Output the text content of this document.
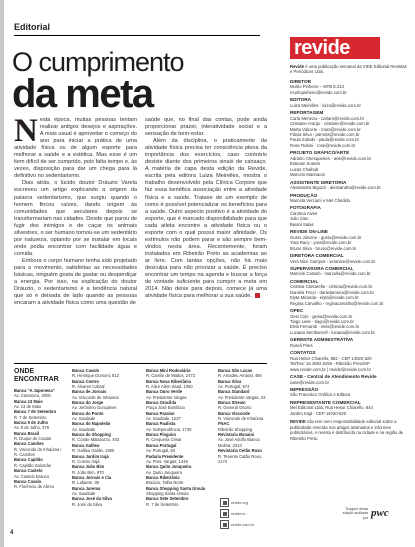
Editorial
O cumprimento
da meta
N esta época, muitas pessoas tentam realizar antigos desejos e aspirações. A mais usual é aproveitar o começo do ano para iniciar a prática de uma atividade física ou de algum esporte para melhorar a saúde e a estética. Mas esse é um item difícil de ser cumprido, pois falta tempo e, às vezes, disposição para dar um chega para lá definitivo no sedentarismo.

Dias atrás, o lúcido doutor Dráuzio Varela escreveu um artigo explicando a origem da palavra sedentarismo, que surgiu quando o homem fincou raízes, dando origem às comunidades que seculares depois se transformariam nas cidades. Desde que parou de fugir dos inimigos e de caçar os animais silvestres, o ser humano tornou-se um sedentário por natureza, optando por se instalar em locais onde podia encontrar com facilidade água e comida.

Embora o corpo humano tenha sido projetado para o movimento, satisfeitas as necessidades básicas, ninguém gosta de gastar ou desperdiçar a energia. Por isso, na explicação do doutor Dráuzio, o sedentarismo é a tendência natural que só é deixada de lado quando as pessoas encaram a atividade física como uma questão de

saúde que, no final das contas, pode ainda proporcionar prazer, interatividade social e a sensação de bem-estar.

Além da disciplina, o praticamente da atividade física precisa ter consciência plena da importância dos exercícios, caso contrário desiste diante dos primeiros sinais de cansaço. A matéria de capa desta edição da Revide, escrita pela editora Luiza Meirelles, mostra o trabalho desenvolvido pela Clínica Corpore que faz essa benéfica associação entre a atividade física e a saúde. Tratase de um exemplo de como é possível potencializar os benefícios para a saúde. Outro aspecto positivo é a atividade do esporte, que é marcado disponibilidade para que cada atleta encontre a atividade física ou o esporte com o qual possui maior afinidade. Os estímulos não podem parar e são sempre bem-vindos nesta área. Recentemente, foram instalados em Ribeirão Preto as academias ao ar livre. Com tantas opções, não há mais desculpa para não priorizar a saúde. É preciso encontrar um tempo na agenda e buscar a força de vontade suficiente para cumprir a meta em 2014. Não deixe para depois, comece já uma atividade física para melhorar a sua saúde.

ONDE ENCONTRAR
Banca "A Japonesa"
Av. Caramuru, 2000
Banca 13 Maio
Av. 13 de Maio
Banca 7 de Setembro
R. 7 de Setembro
Banca 9 de Julho
Av. 9 de Julho, 378
Banca Brasil
R. Duque de Caxias
Banca Camões
R. Visconde de Inhaúma / R. Camões
Banca Capitão
R. Capitão Salomão
Banca Castelo
Av. Castelo Branco
Banca Cavalo
R. Florêncio de Abreu
Banca Cavalo
R. Henrique Dumont, 812
Banca Centro
R. Álvares Cabral
Banca de Jornais
Av. Visconde de Inhaúma
Banca do Jorge
Av. Jerônimo Gonçalves
Banca do Ponto
Av. Saudade
Banca do Napoleão
Av. Saudade
Banca do Shopping
R. Conde Matarazzo, 403
Banca Galileu
R. Galileu Galilei, 1905
Banca Jardim Irajá
R. Cosmo Irajá
Banca João Bim
R. João Bim, 970
Banca Jornais e Cia
R. Lafaiete, 39
Banca Jurema
Av. Saudade
Banca José da Silva
R. José da Silva
Banca Mini Rodoviária
R. Camilo de Mattos, 2472
Banca Nova Ribeirânia
R. Alice Além Saad, 1050
Banca Ouro Verde
Av. Presidente Vargas
Banca Oracilda
Praça José Bonifácio
Banca Paraíso
Av. Saudade, 1227
Banca Paulista
Av. Independência, 1730
Banca Pinguim
R. Cerqueira César
Banca Portugal
Av. Portugal, 63
Padaria Presidente
Av. Pres. Vargas, 1446
Banca Quito Junqueira
Av. Quito Junqueira
Banca Ribeirânia
Braúcio, Talha Norte
Banca Shopping Santa Úrsula
Shopping Santa Úrsula
Banca Sete Setembro
R. 7 de Setembro
Banca São Lucas
R. Amadeu Amaral, 494
Banca Silva
Av. Portugal, 974
Banca Standard
Av. Presidente Vargas, 43
Banca Stream
R. General Osório
Banca Visconde
R. Visconde de Inhaúma
FNAC
Ribeirão Shopping
Revistaria Bonaini
Av. José Adolfo Bianco Molina, 2313
Revistaria Cetão Roxo
R. Tenente Catão Roxo, 2174
revide.org
revide.tv
revide.com.br
4
revide

Revide é uma publicação semanal da VIDE Editorial Revistas e Periódicos Ltda.

DIRETOR
Murilo Pinheiro – MTB 6.313
murilopinheiro@revide.com.br
EDITORA
Luiza Meirelles - luiza@revide.com.br
REPORTAGEM
Carla Menezui - carlam@revide.com.br
Cristiane Araújo - cristiane@revide.com.br
Marta Valcorte - mara@revide.com.br
Flávia Silva - pamela@revide.com.br
Paula Zubaki - paula@revide.com.br
Rose Rubini - rose@revide.com.br
PROJETO GRÁFICO/ARTE
Adriano Chesquenen - arte@revide.com.br
Estevan Soares
Lucas Chaibub
Marcelo Marinaoni
ASSISTENTE DIRETORIA
Alessandra Biguzzi - alessandra@revide.com.br
PRODUÇÃO
Marcela Vercianí e Mel Cândido
FOTOGRAFIA
Carolina Alves
Julio Sian
Beiani Salas
REVIDE ON-LINE
Gusto Jónvino - gusto@revide.com.br
Yara Racy - yara@revide.com.br
Bruno Silva - bruno@revide.com.br
DIRETORA COMERCIAL
Vera Nice Campos - veranice@revide.com.br
SUPERVISORA COMERCIAL
Marcele Casseb - marcella@revide.com.br
COMERCIAL
Cristina Cantarella - cristina@revide.com.br
Daniela Fecci - danielameira@revide.com.br
Elyta Miranda - elyta@revide.com.br
Regina Carvalho - reginacarvalho@revide.com.br
OPEC
Gesi Ciós - geisa@revide.com.br
Tiago Leite - tiago@revide.com.br
Elvis Fernandi - elvis@revide.com.br
Luciana Sembarnell - luciana@revide.com.br
GERENTE ADMINISTRATIVA
Roseli Pires
CONTATOS
Rua Heitor Chiarello, 882 - CEP 14020-520
Tel/Fax: 16 3602.5250 - Ribeirão Preto/SP
www.revide.com.br | revide@revide.com.br
CASE - Central de Atendimento Revide
case@revide.com.br
IMPRESSÃO
São Francisco Gráfica e Editora
REPRESENTANTE COMERCIAL
Mel Editorial Ltda. Rua Heitor Chiarello, 844
Jardim Irajá - CEP 14020-520

REVIDE não tem nem responsabilidade editorial sobre a publicidade inserida nos artigos assinados e informes publicitários. A revista é distribuída na cidade e na região de Ribeirão Preto.

Tiragem desta edição auditada por pwc
